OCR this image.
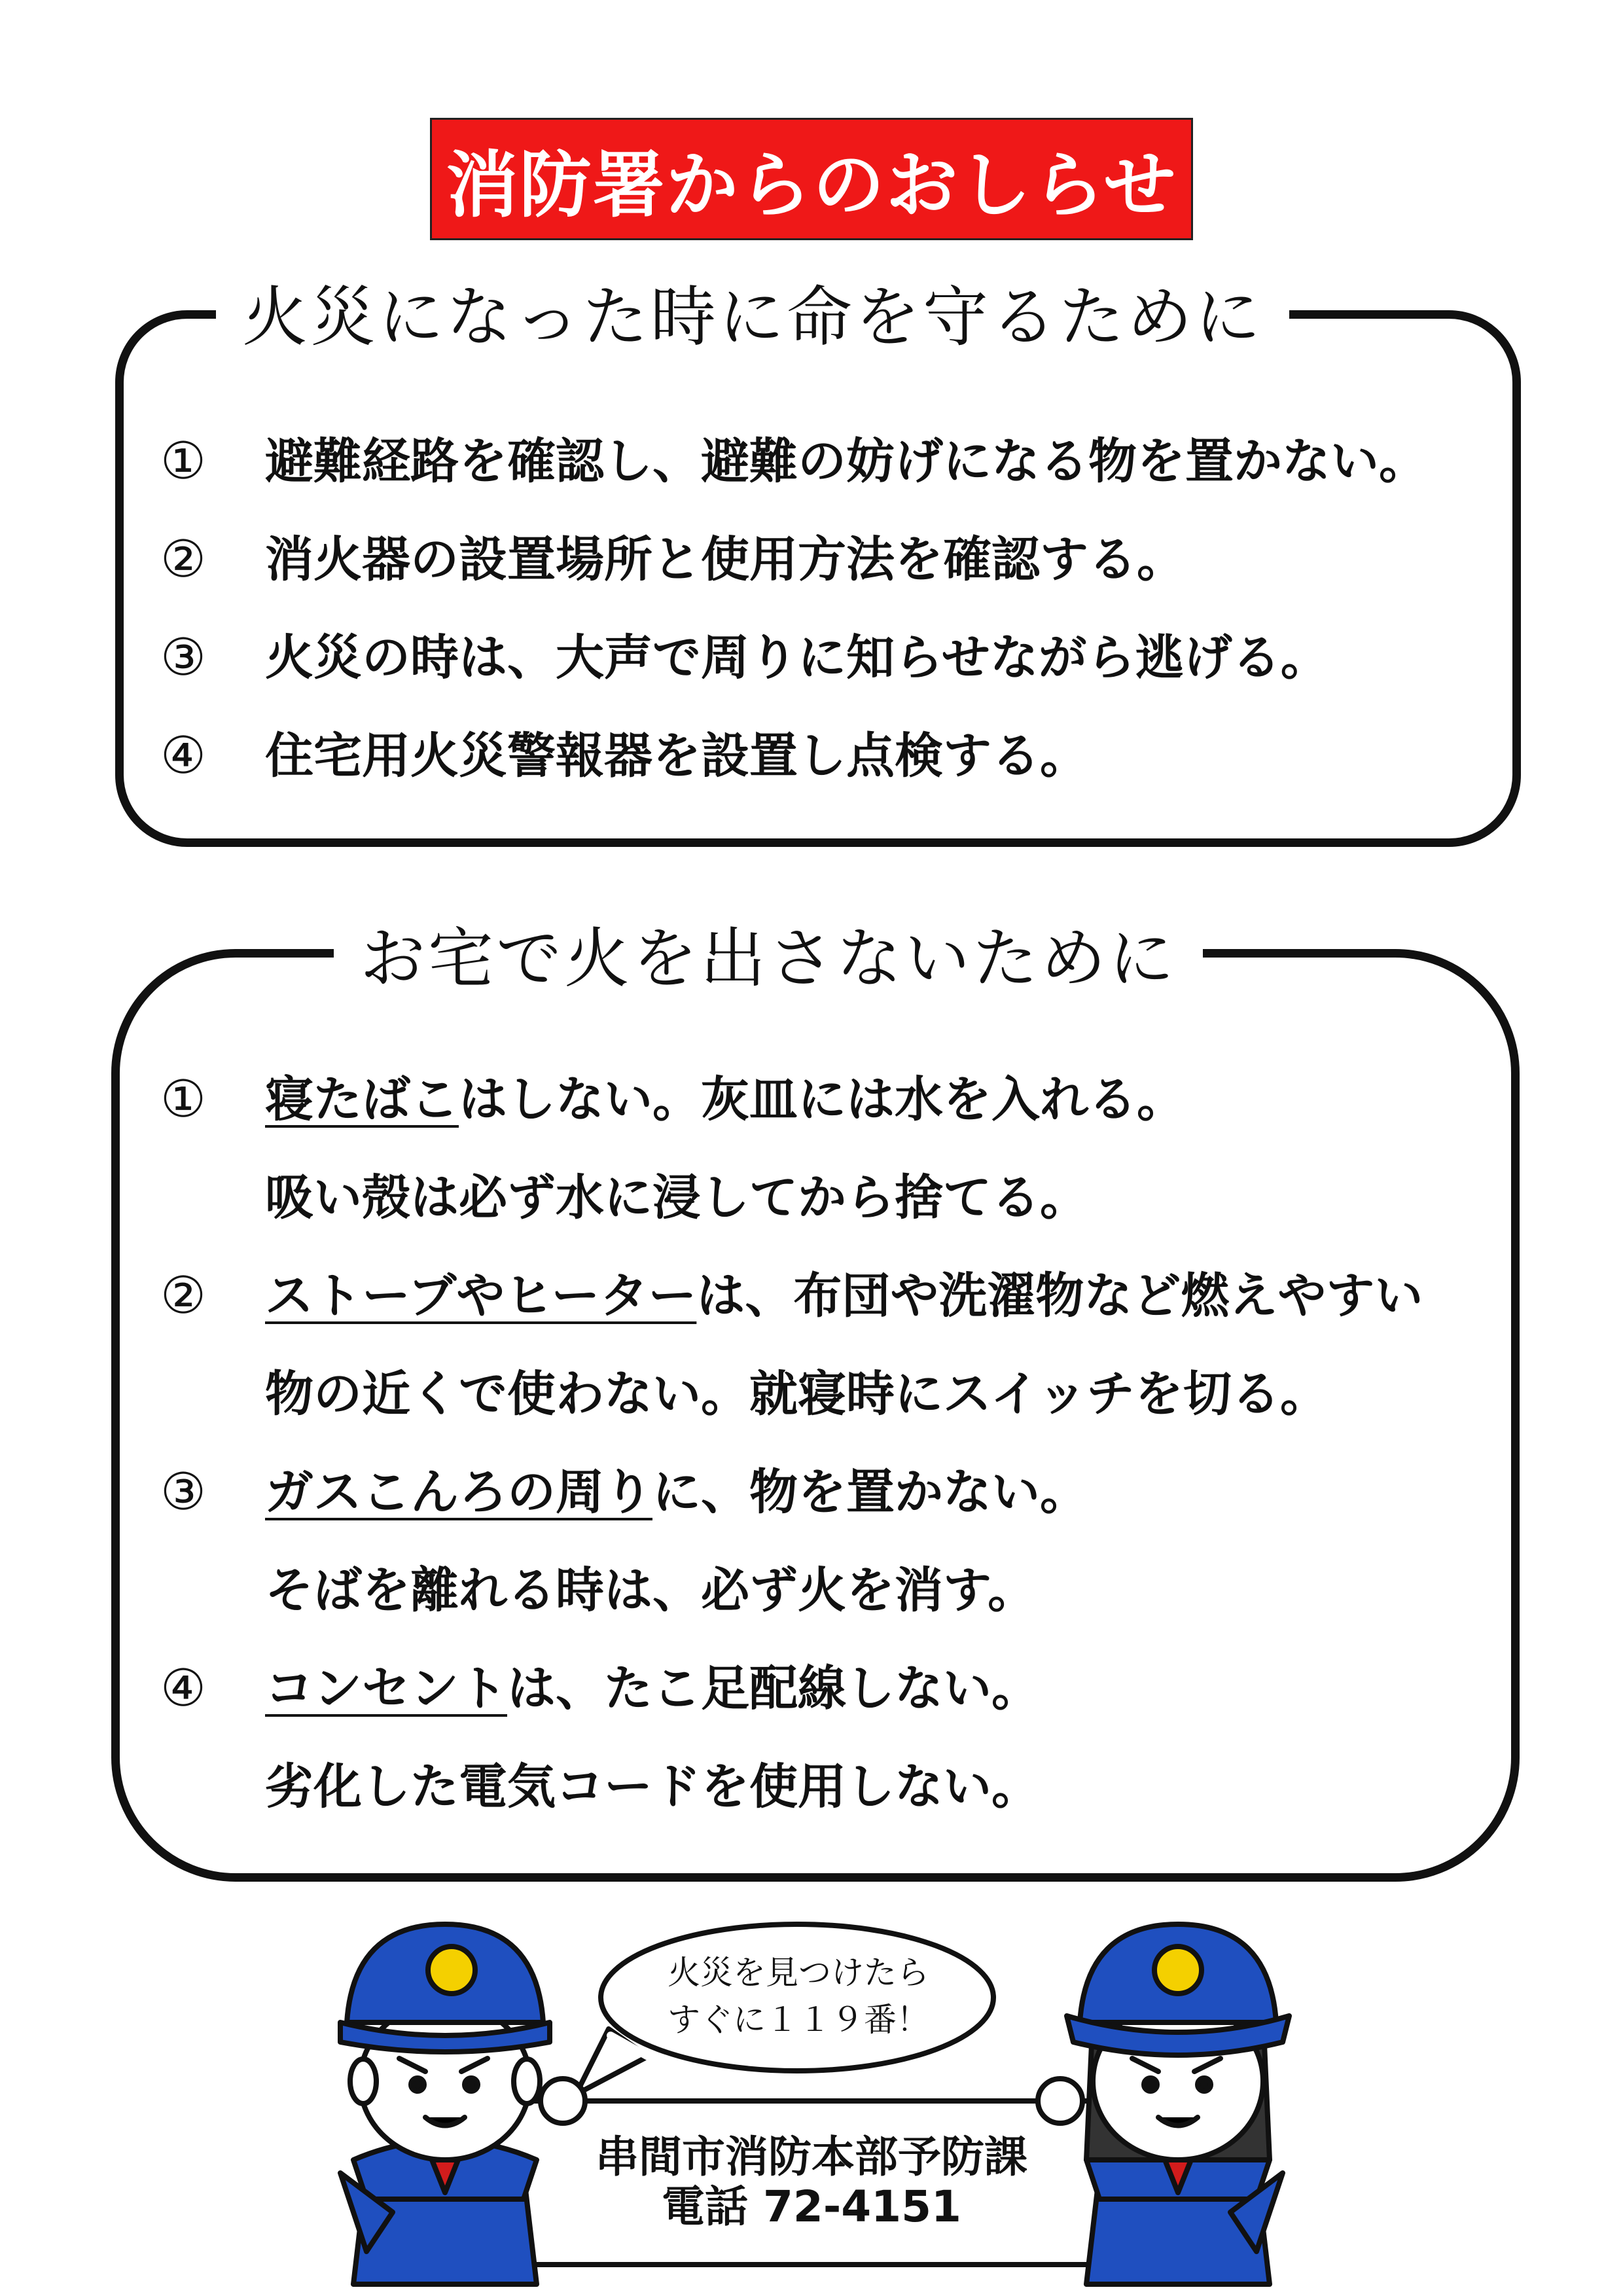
消防署からのおしらせ
火災になった時に命を守るために
① 避難経路を確認し、避難の妨げになる物を置かない。
② 消火器の設置場所と使用方法を確認する。
③ 火災の時は、大声で周りに知らせながら逃げる。
④ 住宅用火災警報器を設置し点検する。
お宅で火を出さないために
① 寝たばこはしない。灰皿には水を入れる。
吸い殻は必ず水に浸してから捨てる。
② ストーブやヒーターは、布団や洗濯物など燃えやすい
物の近くで使わない。就寝時にスイッチを切る。
③ ガスこんろの周りに、物を置かない。
そばを離れる時は、必ず火を消す。
④ コンセントは、たこ足配線しない。
劣化した電気コードを使用しない。
火災を見つけたら
すぐに１１９番！
串間市消防本部予防課
電話 72-4151
